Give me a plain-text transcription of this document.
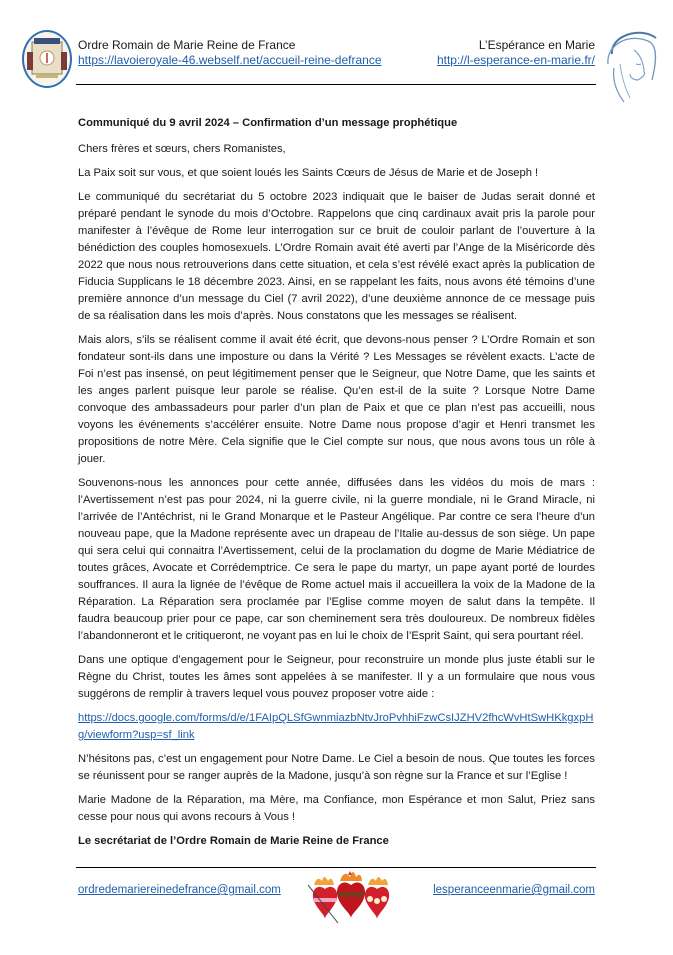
Ordre Romain de Marie Reine de France
https://lavoieroyale-46.webself.net/accueil-reine-defrance
L’Espérance en Marie
http://l-esperance-en-marie.fr/

Communiqué du 9 avril 2024 – Confirmation d’un message prophétique

Chers frères et sœurs, chers Romanistes,

La Paix soit sur vous, et que soient loués les Saints Cœurs de Jésus de Marie et de Joseph !

Le communiqué du secrétariat du 5 octobre 2023 indiquait que le baiser de Judas serait donné et préparé pendant le synode du mois d’Octobre. Rappelons que cinq cardinaux avait pris la parole pour manifester à l’évêque de Rome leur interrogation sur ce bruit de couloir parlant de l’ouverture à la bénédiction des couples homosexuels. L’Ordre Romain avait été averti par l’Ange de la Miséricorde dès 2022 que nous nous retrouverions dans cette situation, et cela s’est révélé exact après la publication de Fiducia Supplicans le 18 décembre 2023. Ainsi, en se rappelant les faits, nous avons été témoins d’une première annonce d’un message du Ciel (7 avril 2022), d’une deuxième annonce de ce message puis de sa réalisation dans les mois d’après. Nous constatons que les messages se réalisent.

Mais alors, s’ils se réalisent comme il avait été écrit, que devons-nous penser ? L’Ordre Romain et son fondateur sont-ils dans une imposture ou dans la Vérité ? Les Messages se révèlent exacts. L’acte de Foi n’est pas insensé, on peut légitimement penser que le Seigneur, que Notre Dame, que les saints et les anges parlent puisque leur parole se réalise. Qu’en est-il de la suite ? Lorsque Notre Dame convoque des ambassadeurs pour parler d’un plan de Paix et que ce plan n’est pas accueilli, nous voyons les événements s’accélérer ensuite. Notre Dame nous propose d’agir et Henri transmet les propositions de notre Mère. Cela signifie que le Ciel compte sur nous, que nous avons tous un rôle à jouer.

Souvenons-nous les annonces pour cette année, diffusées dans les vidéos du mois de mars : l’Avertissement n’est pas pour 2024, ni la guerre civile, ni la guerre mondiale, ni le Grand Miracle, ni l’arrivée de l’Antéchrist, ni le Grand Monarque et le Pasteur Angélique. Par contre ce sera l’heure d’un nouveau pape, que la Madone représente avec un drapeau de l’Italie au-dessus de son siège. Un pape qui sera celui qui connaitra l’Avertissement, celui de la proclamation du dogme de Marie Médiatrice de toutes grâces, Avocate et Corrédemptrice. Ce sera le pape du martyr, un pape ayant porté de lourdes souffrances. Il aura la lignée de l’évêque de Rome actuel mais il accueillera la voix de la Madone de la Réparation. La Réparation sera proclamée par l’Eglise comme moyen de salut dans la tempête. Il faudra beaucoup prier pour ce pape, car son cheminement sera très douloureux. De nombreux fidèles l’abandonneront et le critiqueront, ne voyant pas en lui le choix de l’Esprit Saint, qui sera pourtant réel.

Dans une optique d’engagement pour le Seigneur, pour reconstruire un monde plus juste établi sur le Règne du Christ, toutes les âmes sont appelées à se manifester. Il y a un formulaire que nous vous suggérons de remplir à travers lequel vous pouvez proposer votre aide :

https://docs.google.com/forms/d/e/1FAIpQLSfGwnmiazbNtvJroPvhhiFzwCsIJZHV2fhcWvHtSwHKkgxpHg/viewform?usp=sf_link

N’hésitons pas, c’est un engagement pour Notre Dame. Le Ciel a besoin de nous. Que toutes les forces se réunissent pour se ranger auprès de la Madone, jusqu’à son règne sur la France et sur l’Eglise !

Marie Madone de la Réparation, ma Mère, ma Confiance, mon Espérance et mon Salut, Priez sans cesse pour nous qui avons recours à Vous !

Le secrétariat de l’Ordre Romain de Marie Reine de France

ordredemariereinedefrance@gmail.com	lesperanceenmarie@gmail.com
